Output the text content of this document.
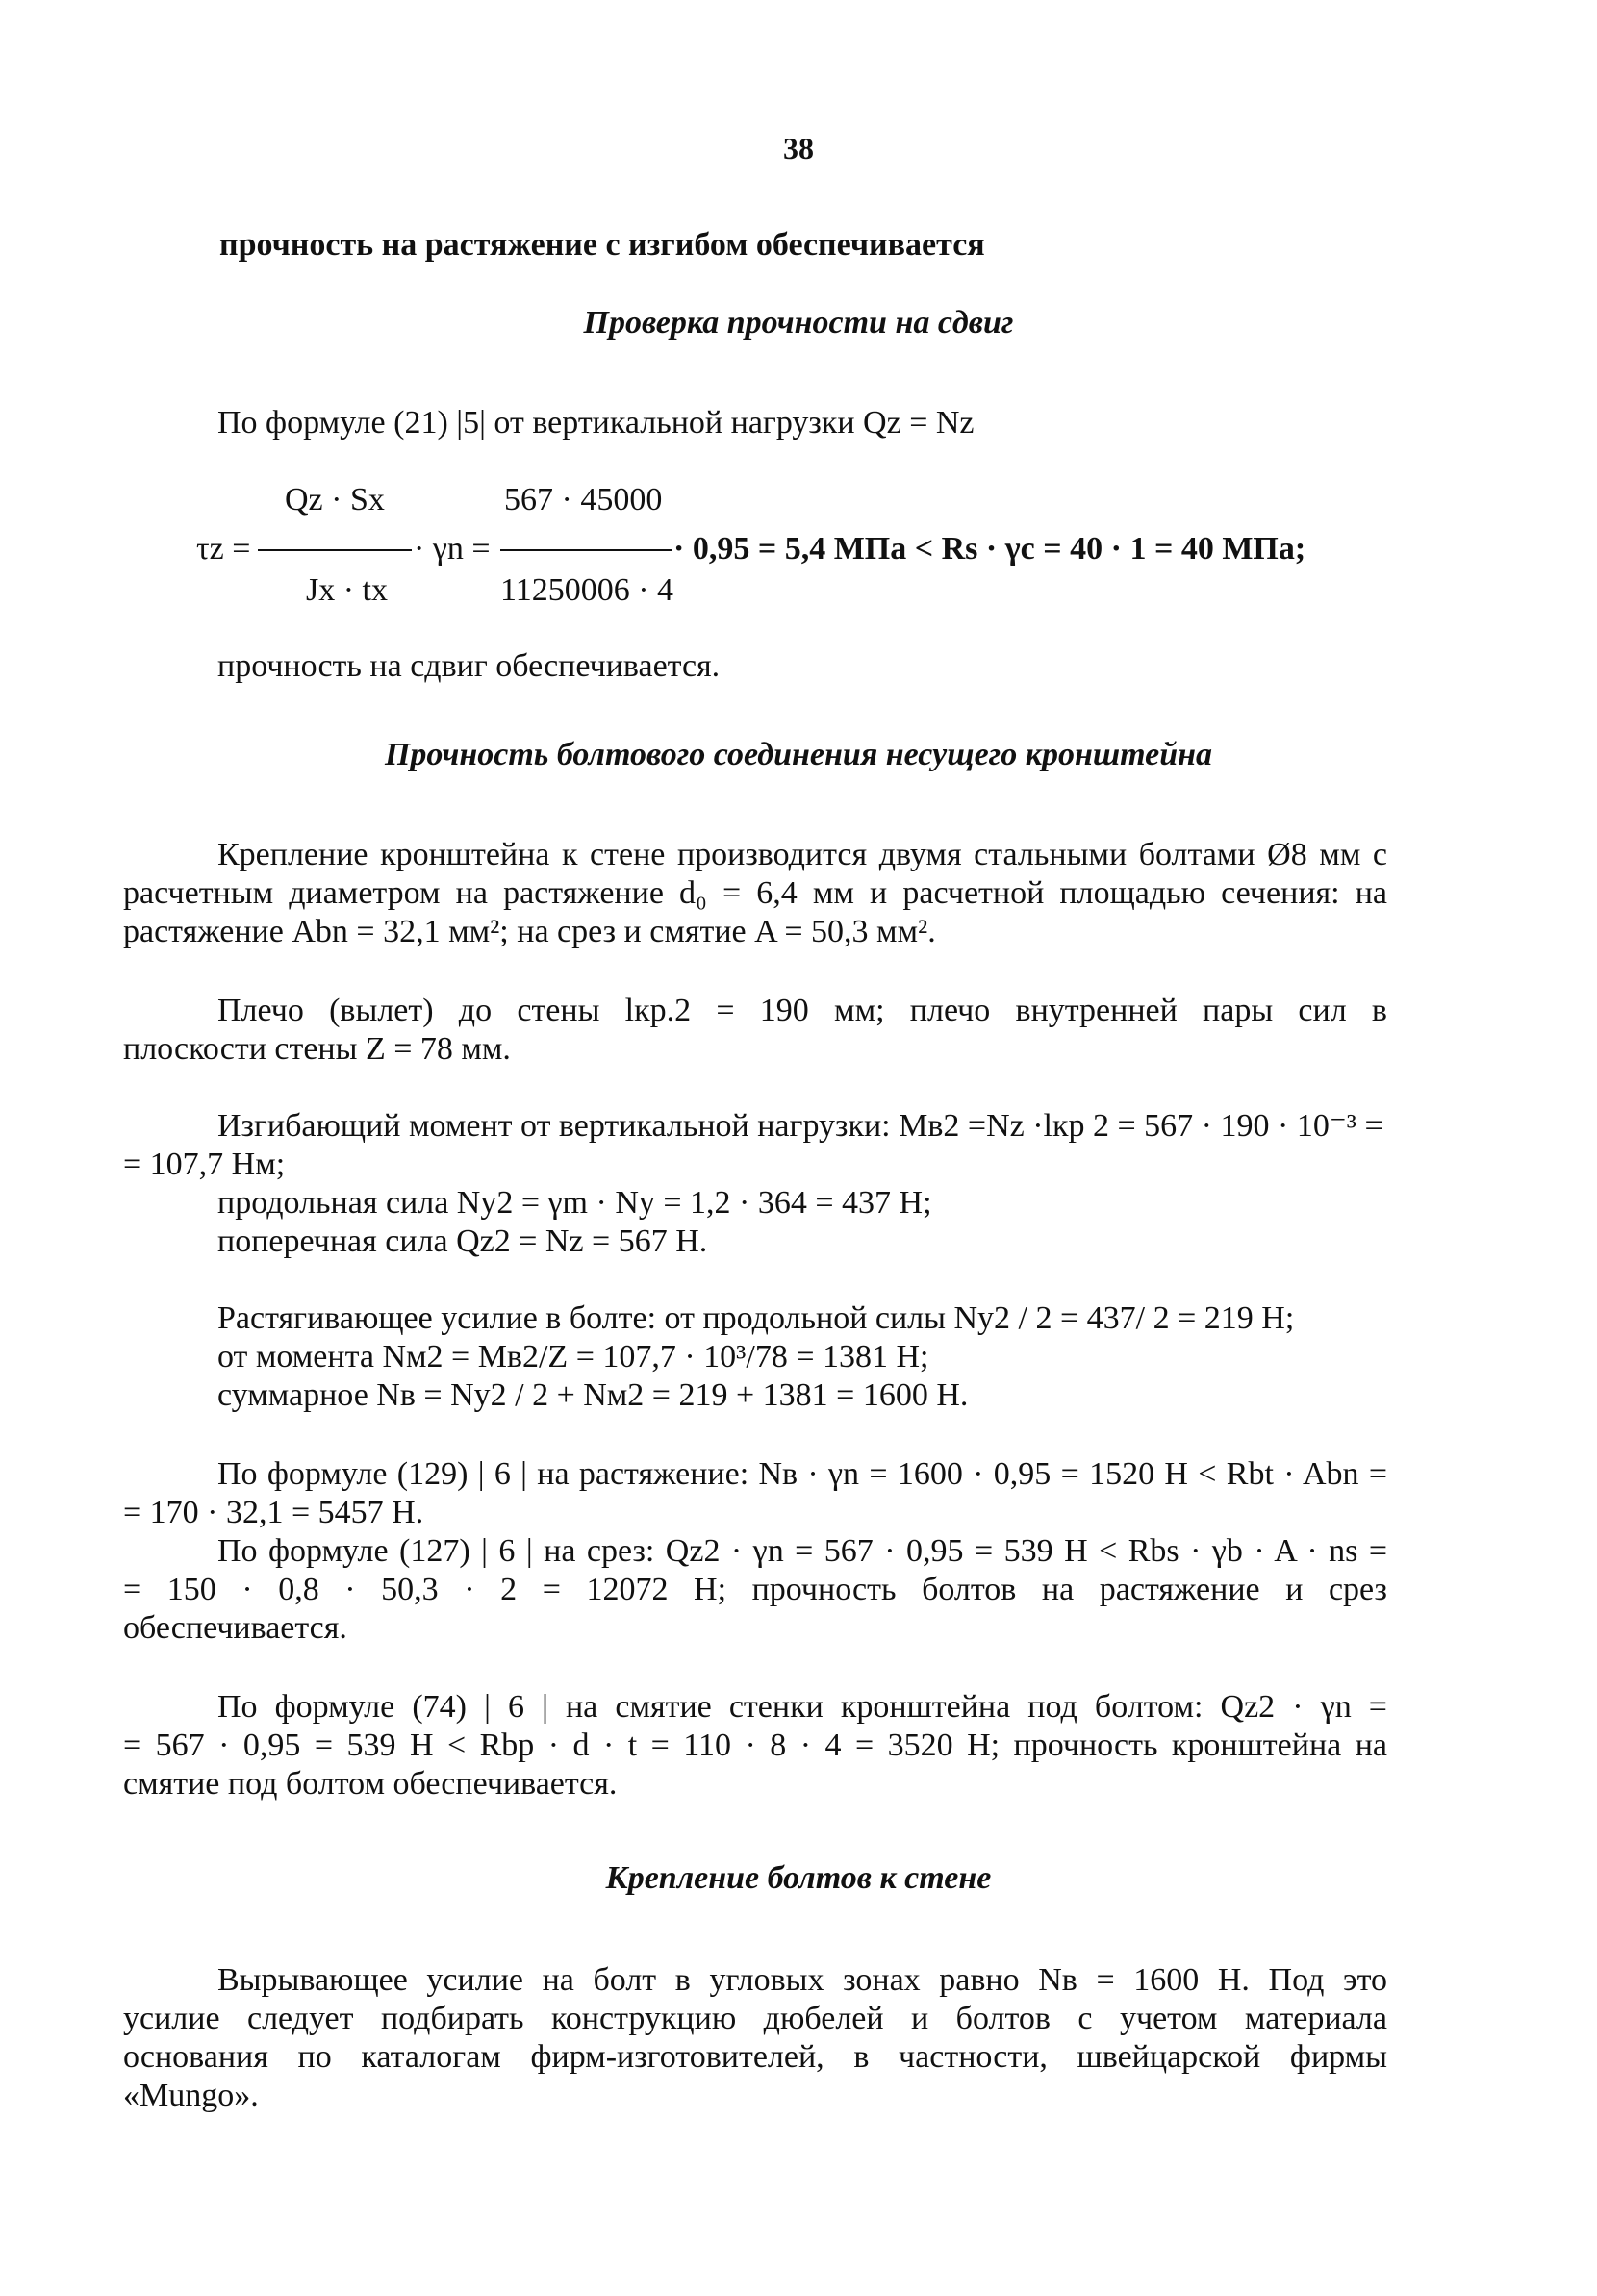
38
прочность на растяжение с изгибом обеспечивается
Проверка прочности на сдвиг
По формуле (21) |5| от вертикальной нагрузки Qz = Nz
Qz · Sx	567 · 45000
τz =	· γn =	· 0,95 = 5,4 МПа < Rs · γc = 40 · 1 = 40 МПа;
Jx · tx	11250006 · 4
прочность на сдвиг обеспечивается.
Прочность болтового соединения несущего кронштейна
Крепление кронштейна к стене производится двумя стальными болтами Ø8 мм с
расчетным диаметром на растяжение d₀ = 6,4 мм и расчетной площадью сечения: на
растяжение Abn = 32,1 мм²; на срез и смятие A = 50,3 мм².
Плечо (вылет) до стены lкр.2 = 190 мм; плечо внутренней пары сил в
плоскости стены Z = 78 мм.
Изгибающий момент от вертикальной нагрузки: Mв2 =Nz ·lкр 2 = 567 · 190 · 10⁻³ =
= 107,7 Нм;
продольная сила Ny2 = γm · Ny = 1,2 · 364 = 437 Н;
поперечная сила Qz2 = Nz = 567 Н.
Растягивающее усилие в болте: от продольной силы Ny2 / 2 = 437/ 2 = 219 Н;
от момента Nм2 = Mв2/Z = 107,7 · 10³/78 = 1381 Н;
суммарное Nв = Ny2 / 2 + Nм2 = 219 + 1381 = 1600 Н.
По формуле (129) | 6 | на растяжение: Nв · γn = 1600 · 0,95 = 1520 Н < Rbt · Abn =
= 170 · 32,1 = 5457 Н.
По формуле (127) | 6 | на срез: Qz2 · γn = 567 · 0,95 = 539 Н < Rbs · γb · A · ns =
= 150 · 0,8 · 50,3 · 2 = 12072 Н; прочность болтов на растяжение и срез
обеспечивается.
По формуле (74) | 6 | на смятие стенки кронштейна под болтом: Qz2 · γn =
= 567 · 0,95 = 539 Н < Rbp · d · t = 110 · 8 · 4 = 3520 Н; прочность кронштейна на
смятие под болтом обеспечивается.
Крепление болтов к стене
Вырывающее усилие на болт в угловых зонах равно Nв = 1600 Н. Под это
усилие следует подбирать конструкцию дюбелей и болтов с учетом материала
основания по каталогам фирм-изготовителей, в частности, швейцарской фирмы
«Mungo».
